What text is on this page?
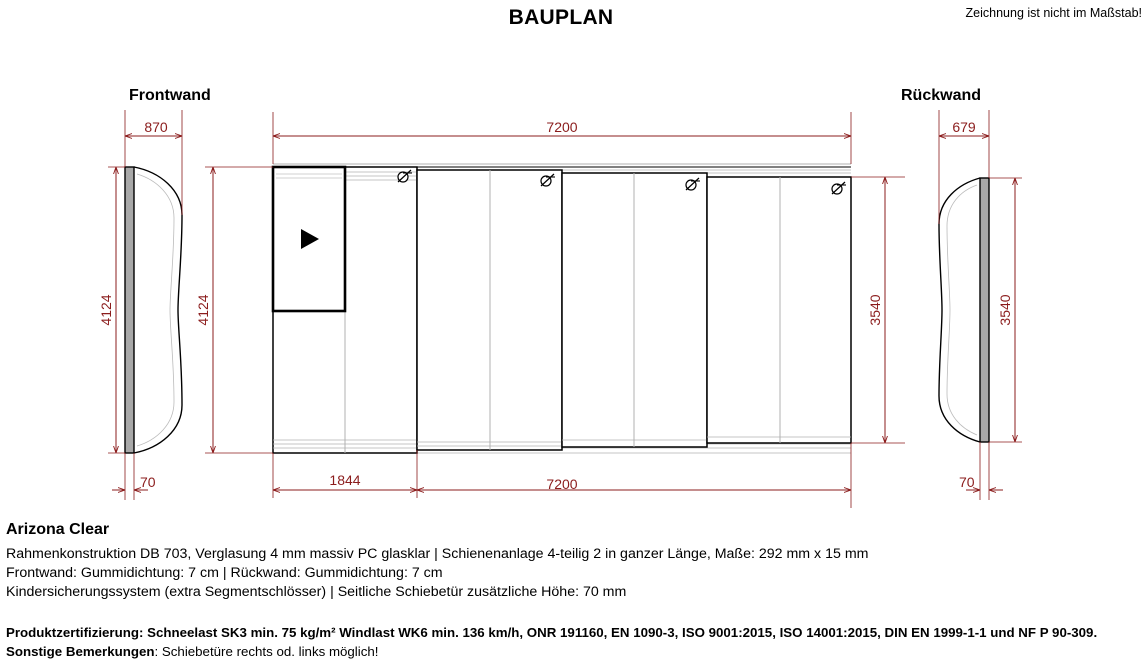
BAUPLAN	Zeichnung ist nicht im Maßstab!
Frontwand	Rückwand
870
4124
70
7200
4124
1844	7200
3540
679
3540
70
Arizona Clear
Rahmenkonstruktion DB 703, Verglasung 4 mm massiv PC glasklar | Schienenanlage 4-teilig 2 in ganzer Länge, Maße: 292 mm x 15 mm
Frontwand: Gummidichtung: 7 cm | Rückwand: Gummidichtung: 7 cm
Kindersicherungssystem (extra Segmentschlösser) | Seitliche Schiebetür zusätzliche Höhe: 70 mm
Produktzertifizierung: Schneelast SK3 min. 75 kg/m² Windlast WK6 min. 136 km/h, ONR 191160, EN 1090-3, ISO 9001:2015, ISO 14001:2015, DIN EN 1999-1-1 und NF P 90-309.
Sonstige Bemerkungen: Schiebetüre rechts od. links möglich!
